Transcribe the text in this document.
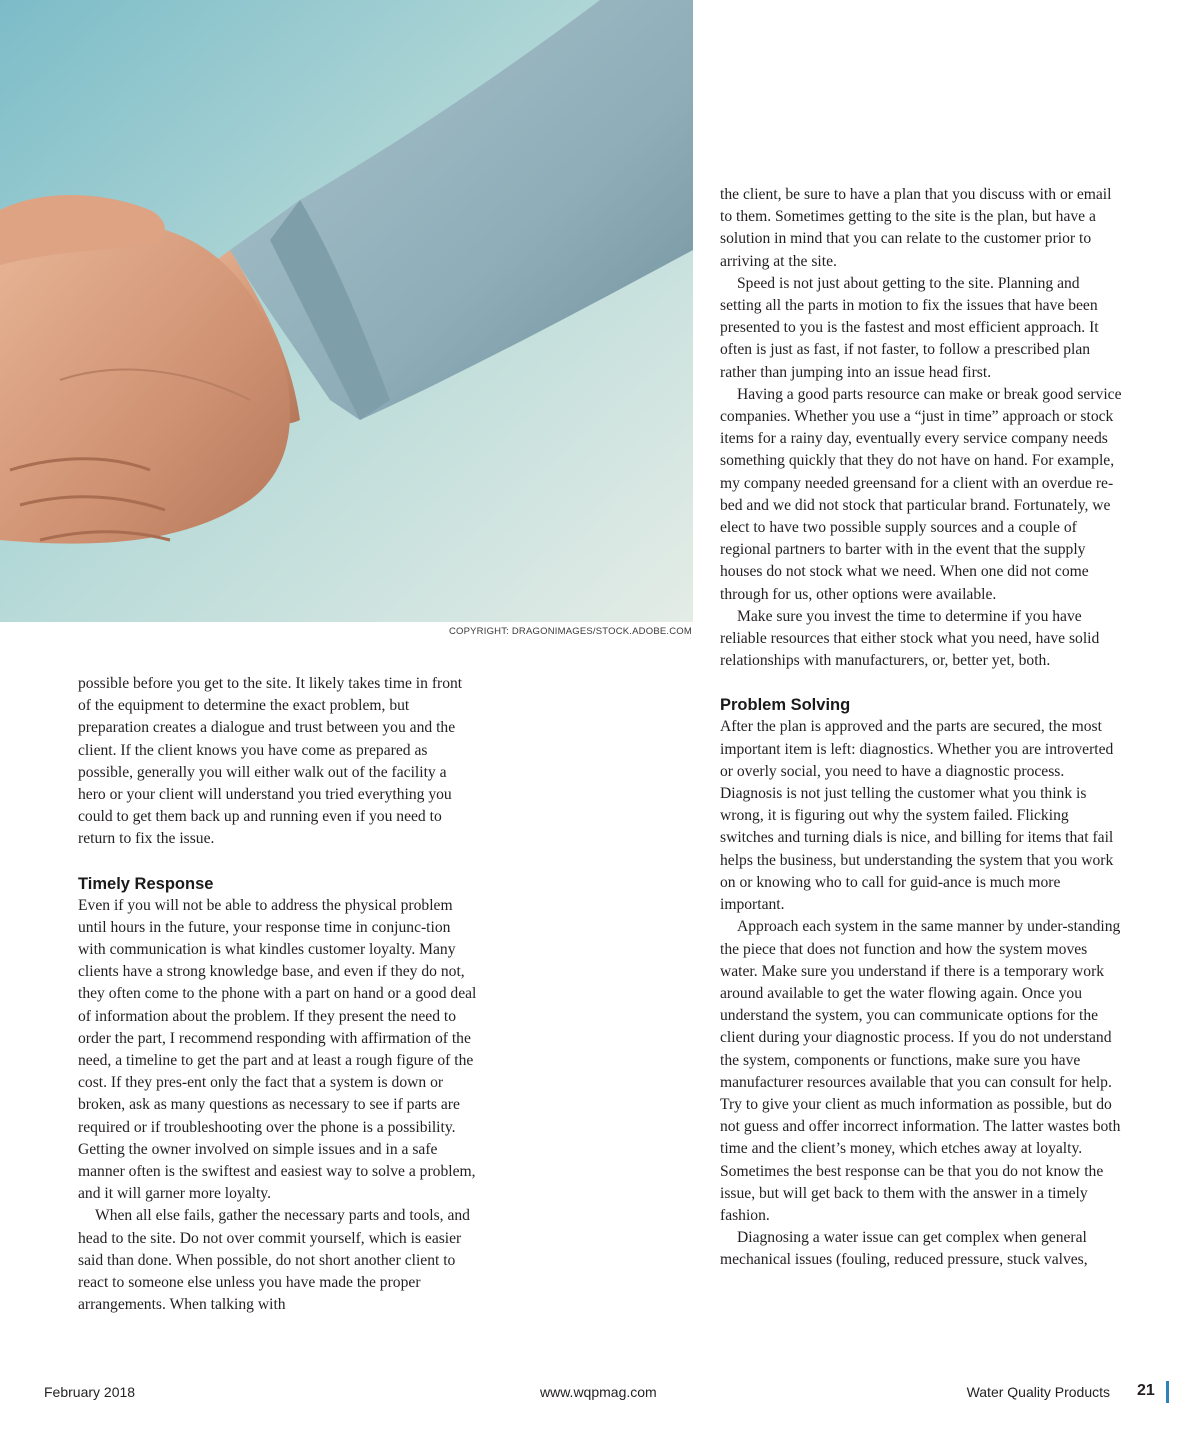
COPYRIGHT: DRAGONIMAGES/STOCK.ADOBE.COM

possible before you get to the site. It likely takes time in front of the equipment to determine the exact problem, but preparation creates a dialogue and trust between you and the client. If the client knows you have come as prepared as possible, generally you will either walk out of the facility a hero or your client will understand you tried everything you could to get them back up and running even if you need to return to fix the issue.

Timely Response

Even if you will not be able to address the physical problem until hours in the future, your response time in conjunc-tion with communication is what kindles customer loyalty. Many clients have a strong knowledge base, and even if they do not, they often come to the phone with a part on hand or a good deal of information about the problem. If they present the need to order the part, I recommend responding with affirmation of the need, a timeline to get the part and at least a rough figure of the cost. If they pres-ent only the fact that a system is down or broken, ask as many questions as necessary to see if parts are required or if troubleshooting over the phone is a possibility. Getting the owner involved on simple issues and in a safe manner often is the swiftest and easiest way to solve a problem, and it will garner more loyalty.

When all else fails, gather the necessary parts and tools, and head to the site. Do not over commit yourself, which is easier said than done. When possible, do not short another client to react to someone else unless you have made the proper arrangements. When talking with

the client, be sure to have a plan that you discuss with or email to them. Sometimes getting to the site is the plan, but have a solution in mind that you can relate to the customer prior to arriving at the site.

Speed is not just about getting to the site. Planning and setting all the parts in motion to fix the issues that have been presented to you is the fastest and most efficient approach. It often is just as fast, if not faster, to follow a prescribed plan rather than jumping into an issue head first.

Having a good parts resource can make or break good service companies. Whether you use a “just in time” approach or stock items for a rainy day, eventually every service company needs something quickly that they do not have on hand. For example, my company needed greensand for a client with an overdue re-bed and we did not stock that particular brand. Fortunately, we elect to have two possible supply sources and a couple of regional partners to barter with in the event that the supply houses do not stock what we need. When one did not come through for us, other options were available.

Make sure you invest the time to determine if you have reliable resources that either stock what you need, have solid relationships with manufacturers, or, better yet, both.

Problem Solving

After the plan is approved and the parts are secured, the most important item is left: diagnostics. Whether you are introverted or overly social, you need to have a diagnostic process. Diagnosis is not just telling the customer what you think is wrong, it is figuring out why the system failed. Flicking switches and turning dials is nice, and billing for items that fail helps the business, but understanding the system that you work on or knowing who to call for guid-ance is much more important.

Approach each system in the same manner by under-standing the piece that does not function and how the system moves water. Make sure you understand if there is a temporary work around available to get the water flowing again. Once you understand the system, you can communicate options for the client during your diagnostic process. If you do not understand the system, components or functions, make sure you have manufacturer resources available that you can consult for help. Try to give your client as much information as possible, but do not guess and offer incorrect information. The latter wastes both time and the client’s money, which etches away at loyalty. Sometimes the best response can be that you do not know the issue, but will get back to them with the answer in a timely fashion.

Diagnosing a water issue can get complex when general mechanical issues (fouling, reduced pressure, stuck valves,

February 2018	www.wqpmag.com	Water Quality Products 21
